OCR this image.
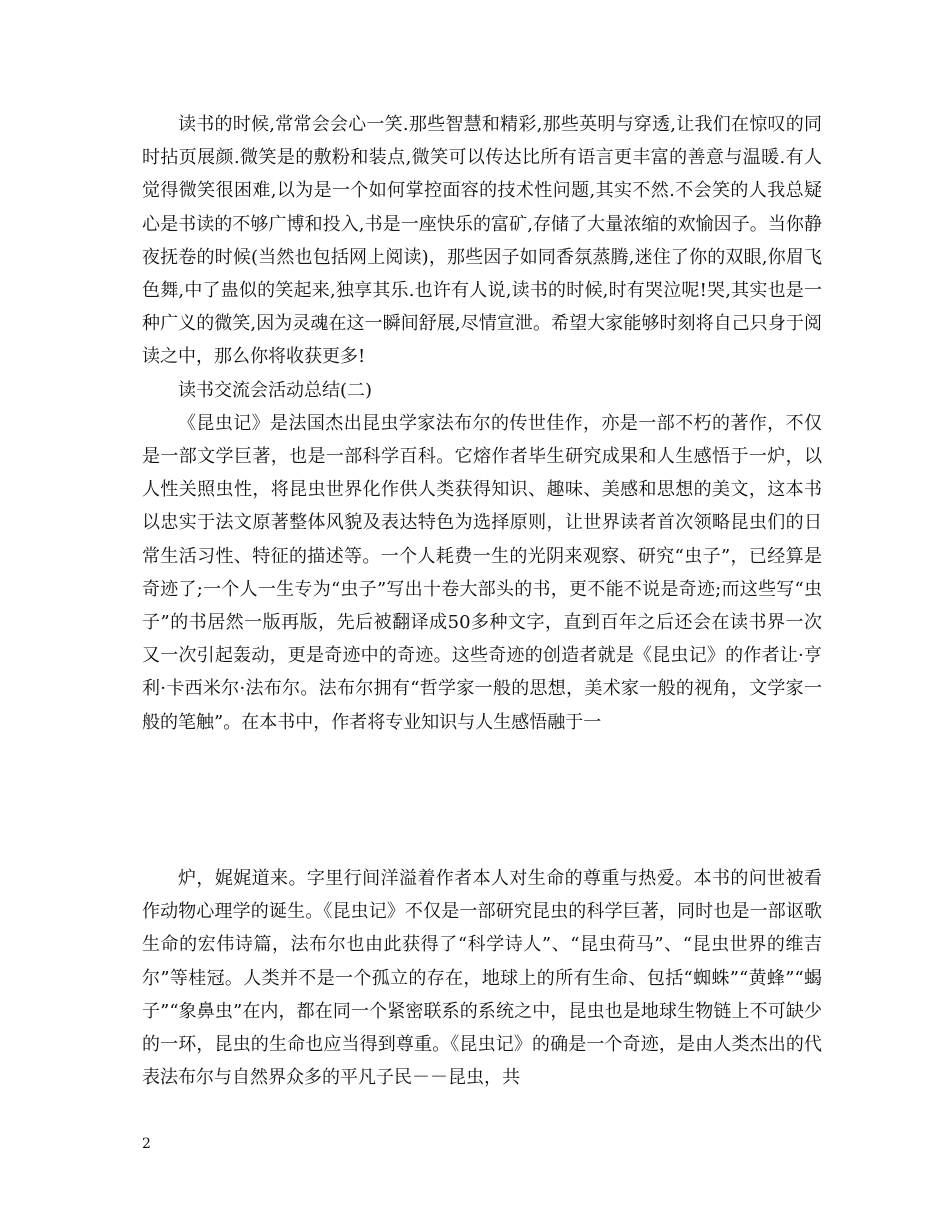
读书的时候,常常会会心一笑.那些智慧和精彩,那些英明与穿透,让我们在惊叹的同时拈页展颜.微笑是的敷粉和装点,微笑可以传达比所有语言更丰富的善意与温暖.有人觉得微笑很困难,以为是一个如何掌控面容的技术性问题,其实不然.不会笑的人我总疑心是书读的不够广博和投入,书是一座快乐的富矿,存储了大量浓缩的欢愉因子。当你静夜抚卷的时候(当然也包括网上阅读)，那些因子如同香氛蒸腾,迷住了你的双眼,你眉飞色舞,中了蛊似的笑起来,独享其乐.也许有人说,读书的时候,时有哭泣呢!哭,其实也是一种广义的微笑,因为灵魂在这一瞬间舒展,尽情宣泄。希望大家能够时刻将自己只身于阅读之中，那么你将收获更多!

读书交流会活动总结(二)

《昆虫记》是法国杰出昆虫学家法布尔的传世佳作，亦是一部不朽的著作，不仅是一部文学巨著，也是一部科学百科。它熔作者毕生研究成果和人生感悟于一炉，以人性关照虫性，将昆虫世界化作供人类获得知识、趣味、美感和思想的美文，这本书以忠实于法文原著整体风貌及表达特色为选择原则，让世界读者首次领略昆虫们的日常生活习性、特征的描述等。一个人耗费一生的光阴来观察、研究“虫子”，已经算是奇迹了;一个人一生专为“虫子”写出十卷大部头的书，更不能不说是奇迹;而这些写“虫子”的书居然一版再版，先后被翻译成50多种文字，直到百年之后还会在读书界一次又一次引起轰动，更是奇迹中的奇迹。这些奇迹的创造者就是《昆虫记》的作者让·亨利·卡西米尔·法布尔。法布尔拥有“哲学家一般的思想，美术家一般的视角，文学家一般的笔触”。在本书中，作者将专业知识与人生感悟融于一

炉，娓娓道来。字里行间洋溢着作者本人对生命的尊重与热爱。本书的问世被看作动物心理学的诞生。《昆虫记》不仅是一部研究昆虫的科学巨著，同时也是一部讴歌生命的宏伟诗篇，法布尔也由此获得了“科学诗人”、“昆虫荷马”、“昆虫世界的维吉尔”等桂冠。人类并不是一个孤立的存在，地球上的所有生命、包括“蜘蛛”“黄蜂”“蝎子”“象鼻虫”在内，都在同一个紧密联系的系统之中，昆虫也是地球生物链上不可缺少的一环，昆虫的生命也应当得到尊重。《昆虫记》的确是一个奇迹，是由人类杰出的代表法布尔与自然界众多的平凡子民－－昆虫，共

2
